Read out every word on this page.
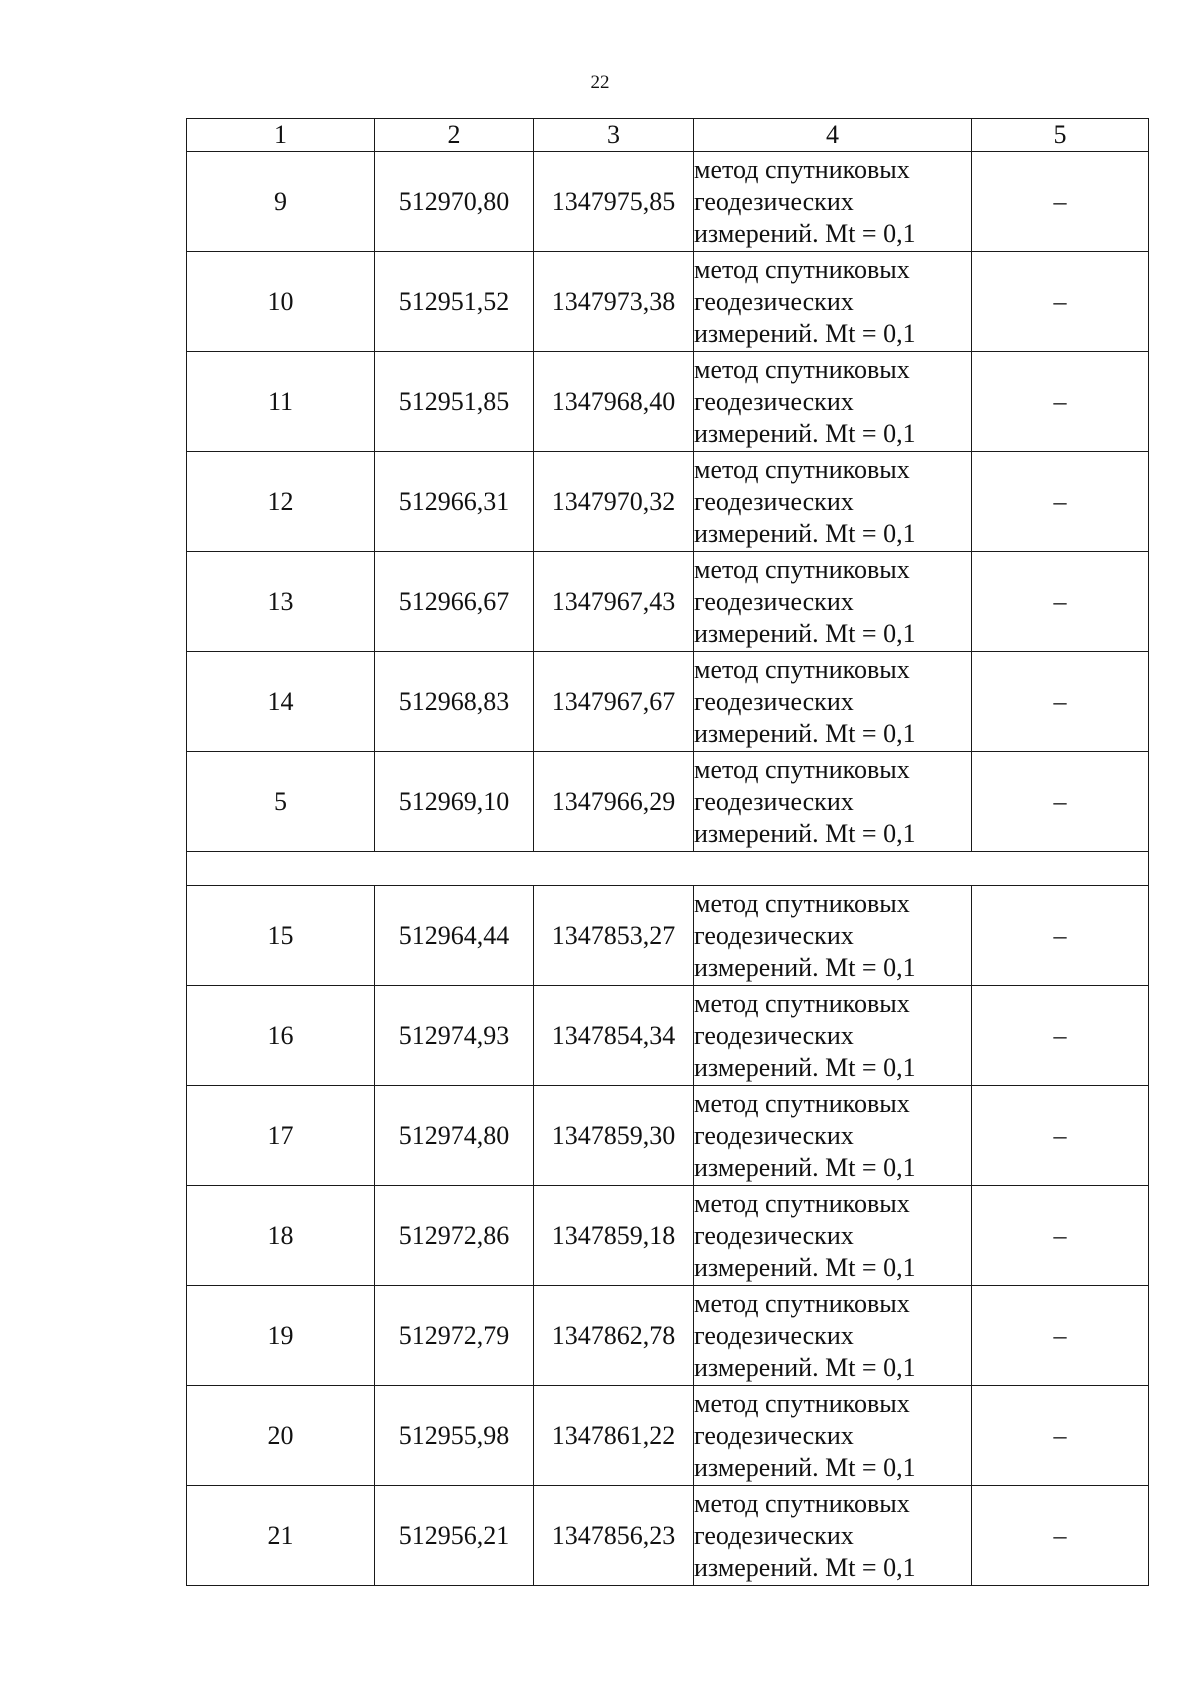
22
1	2	3	4	5
9	512970,80	1347975,85	метод спутниковых
геодезических
измерений. Mt = 0,1	–
10	512951,52	1347973,38	метод спутниковых
геодезических
измерений. Mt = 0,1	–
11	512951,85	1347968,40	метод спутниковых
геодезических
измерений. Mt = 0,1	–
12	512966,31	1347970,32	метод спутниковых
геодезических
измерений. Mt = 0,1	–
13	512966,67	1347967,43	метод спутниковых
геодезических
измерений. Mt = 0,1	–
14	512968,83	1347967,67	метод спутниковых
геодезических
измерений. Mt = 0,1	–
5	512969,10	1347966,29	метод спутниковых
геодезических
измерений. Mt = 0,1	–

15	512964,44	1347853,27	метод спутниковых
геодезических
измерений. Mt = 0,1	–
16	512974,93	1347854,34	метод спутниковых
геодезических
измерений. Mt = 0,1	–
17	512974,80	1347859,30	метод спутниковых
геодезических
измерений. Mt = 0,1	–
18	512972,86	1347859,18	метод спутниковых
геодезических
измерений. Mt = 0,1	–
19	512972,79	1347862,78	метод спутниковых
геодезических
измерений. Mt = 0,1	–
20	512955,98	1347861,22	метод спутниковых
геодезических
измерений. Mt = 0,1	–
21	512956,21	1347856,23	метод спутниковых
геодезических
измерений. Mt = 0,1	–
